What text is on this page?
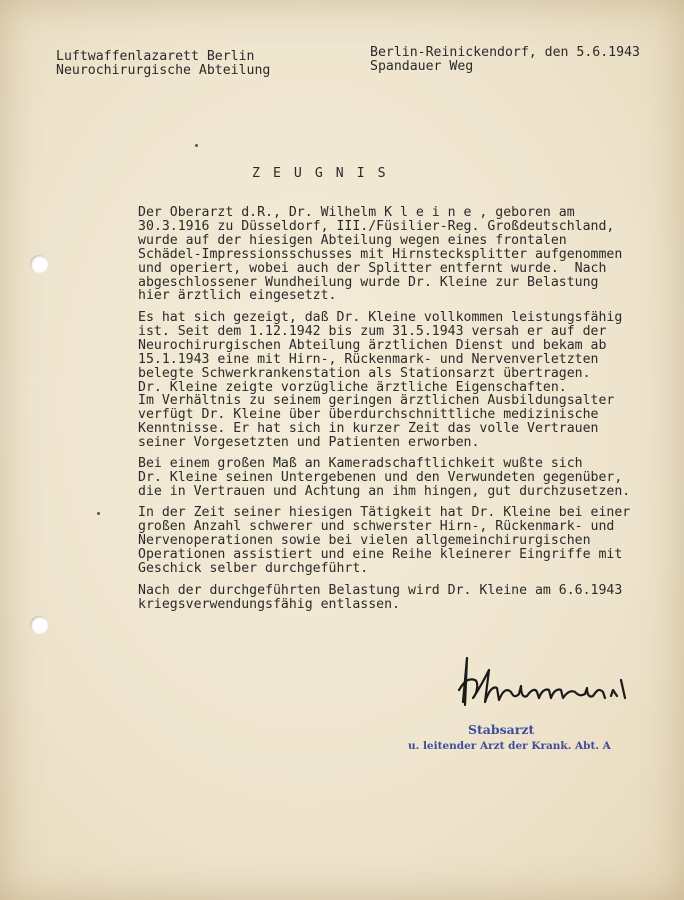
Luftwaffenlazarett Berlin
Neurochirurgische Abteilung
Berlin-Reinickendorf, den 5.6.1943
Spandauer Weg
ZEUGNIS
Der Oberarzt d.R., Dr. Wilhelm K l e i n e , geboren am
30.3.1916 zu Düsseldorf, III./Füsilier-Reg. Großdeutschland,
wurde auf der hiesigen Abteilung wegen eines frontalen
Schädel-Impressionsschusses mit Hirnstecksplitter aufgenommen
und operiert, wobei auch der Splitter entfernt wurde.  Nach
abgeschlossener Wundheilung wurde Dr. Kleine zur Belastung
hier ärztlich eingesetzt.
Es hat sich gezeigt, daß Dr. Kleine vollkommen leistungsfähig
ist. Seit dem 1.12.1942 bis zum 31.5.1943 versah er auf der
Neurochirurgischen Abteilung ärztlichen Dienst und bekam ab
15.1.1943 eine mit Hirn-, Rückenmark- und Nervenverletzten
belegte Schwerkrankenstation als Stationsarzt übertragen.
Dr. Kleine zeigte vorzügliche ärztliche Eigenschaften.
Im Verhältnis zu seinem geringen ärztlichen Ausbildungsalter
verfügt Dr. Kleine über überdurchschnittliche medizinische
Kenntnisse. Er hat sich in kurzer Zeit das volle Vertrauen
seiner Vorgesetzten und Patienten erworben.
Bei einem großen Maß an Kameradschaftlichkeit wußte sich
Dr. Kleine seinen Untergebenen und den Verwundeten gegenüber,
die in Vertrauen und Achtung an ihm hingen, gut durchzusetzen.
In der Zeit seiner hiesigen Tätigkeit hat Dr. Kleine bei einer
großen Anzahl schwerer und schwerster Hirn-, Rückenmark- und
Nervenoperationen sowie bei vielen allgemeinchirurgischen
Operationen assistiert und eine Reihe kleinerer Eingriffe mit
Geschick selber durchgeführt.
Nach der durchgeführten Belastung wird Dr. Kleine am 6.6.1943
kriegsverwendungsfähig entlassen.
Stabsarzt
u. leitender Arzt der Krank. Abt. A
